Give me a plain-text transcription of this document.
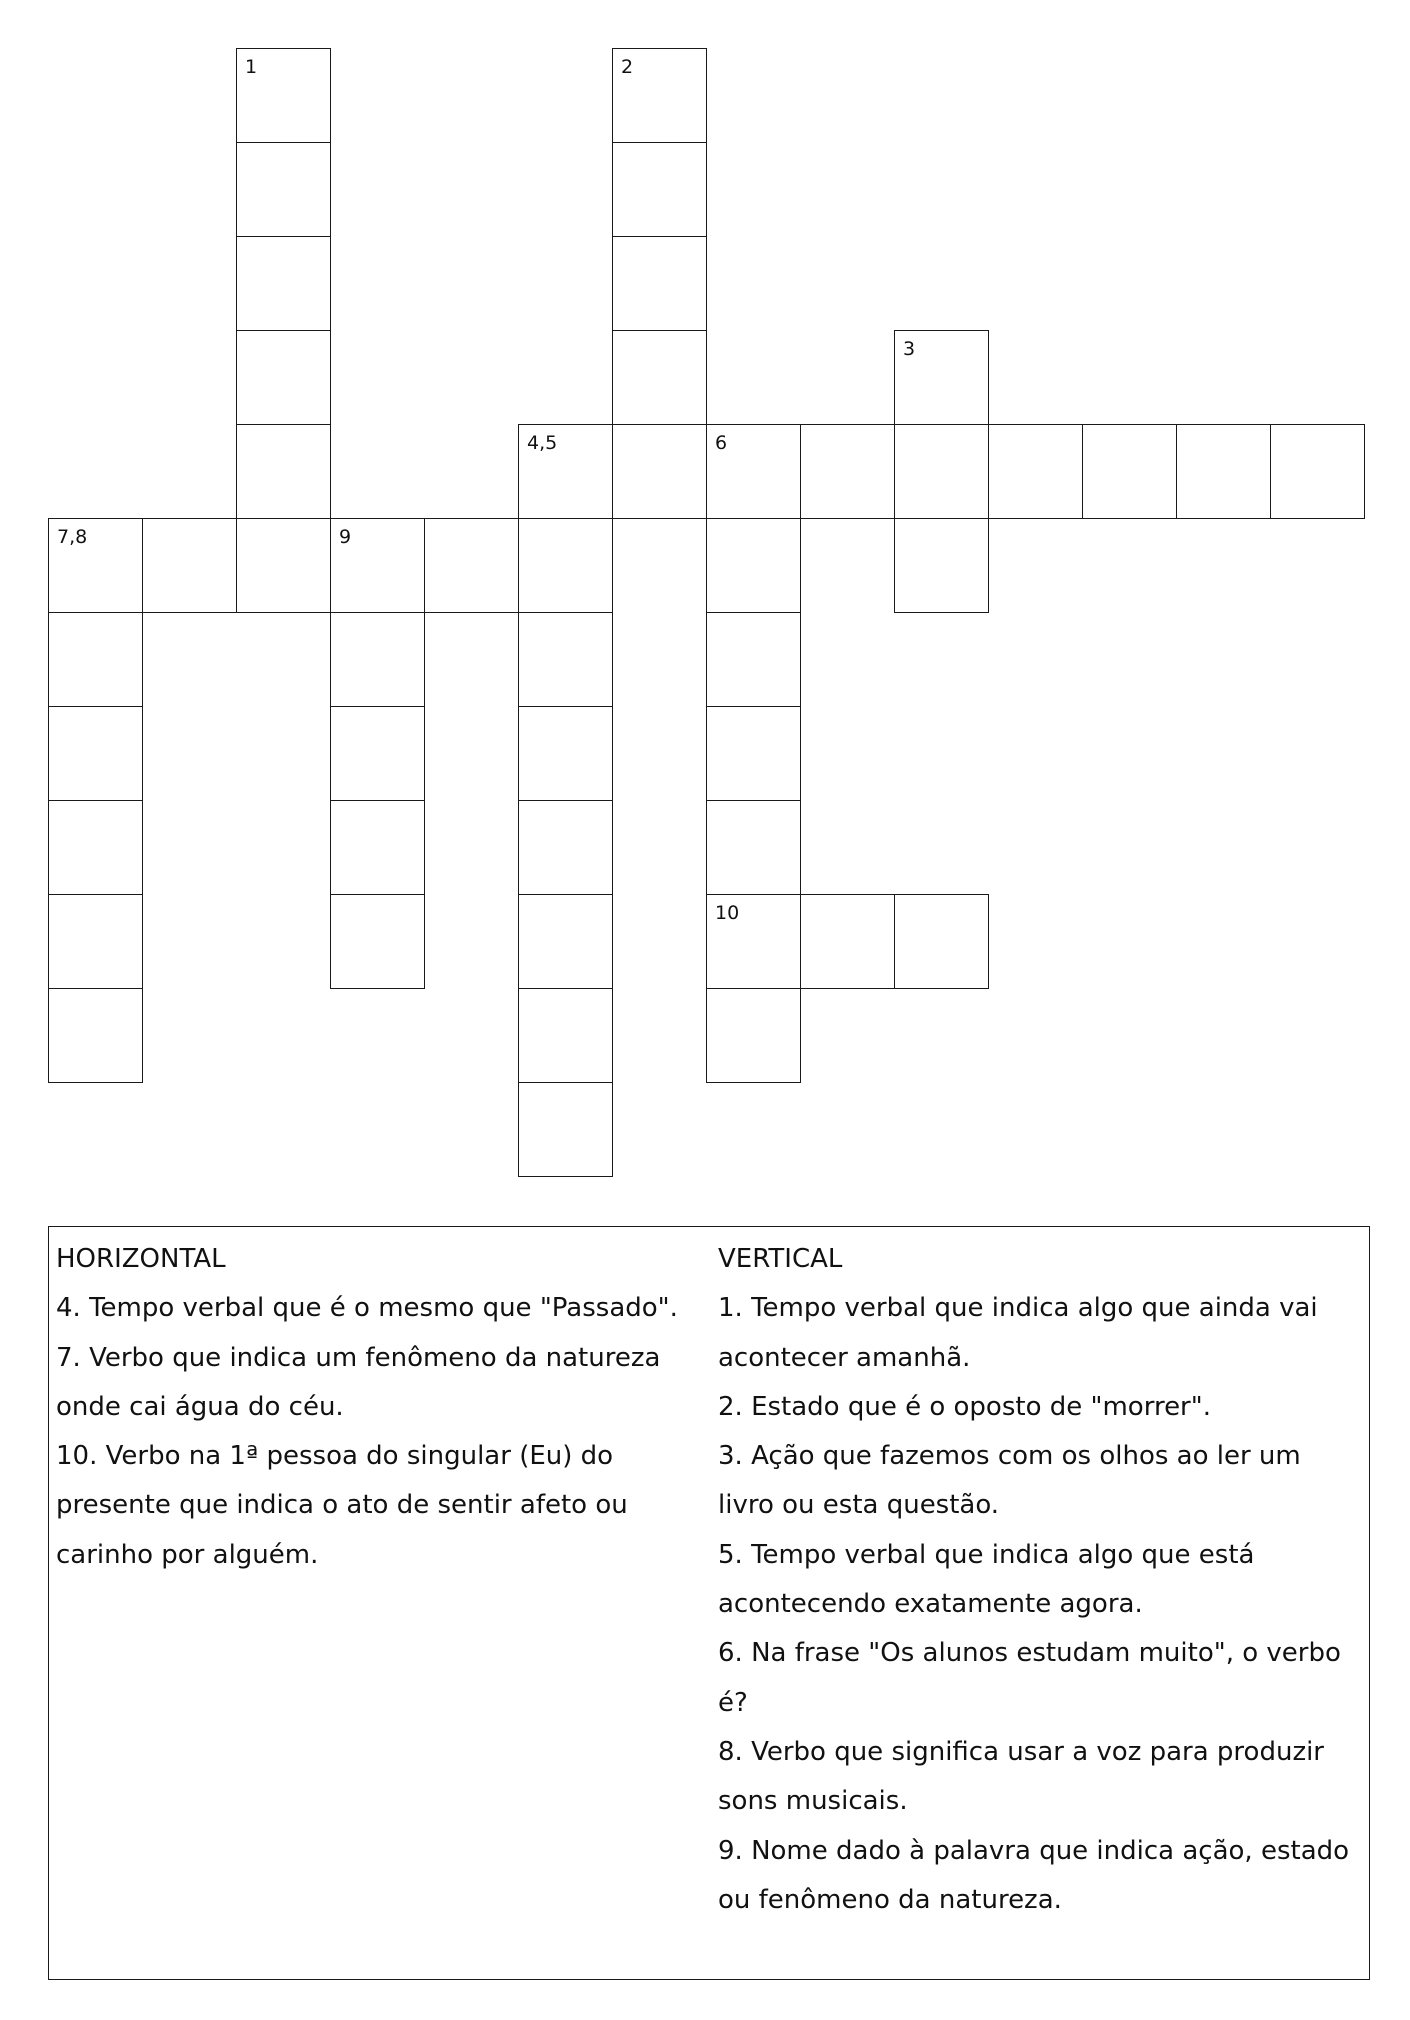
1	2
3
4,5	6
7,8	9
10
HORIZONTAL
4. Tempo verbal que é o mesmo que "Passado".
7. Verbo que indica um fenômeno da natureza
onde cai água do céu.
10. Verbo na 1ª pessoa do singular (Eu) do
presente que indica o ato de sentir afeto ou
carinho por alguém.
VERTICAL
1. Tempo verbal que indica algo que ainda vai
acontecer amanhã.
2. Estado que é o oposto de "morrer".
3. Ação que fazemos com os olhos ao ler um
livro ou esta questão.
5. Tempo verbal que indica algo que está
acontecendo exatamente agora.
6. Na frase "Os alunos estudam muito", o verbo
é?
8. Verbo que significa usar a voz para produzir
sons musicais.
9. Nome dado à palavra que indica ação, estado
ou fenômeno da natureza.
